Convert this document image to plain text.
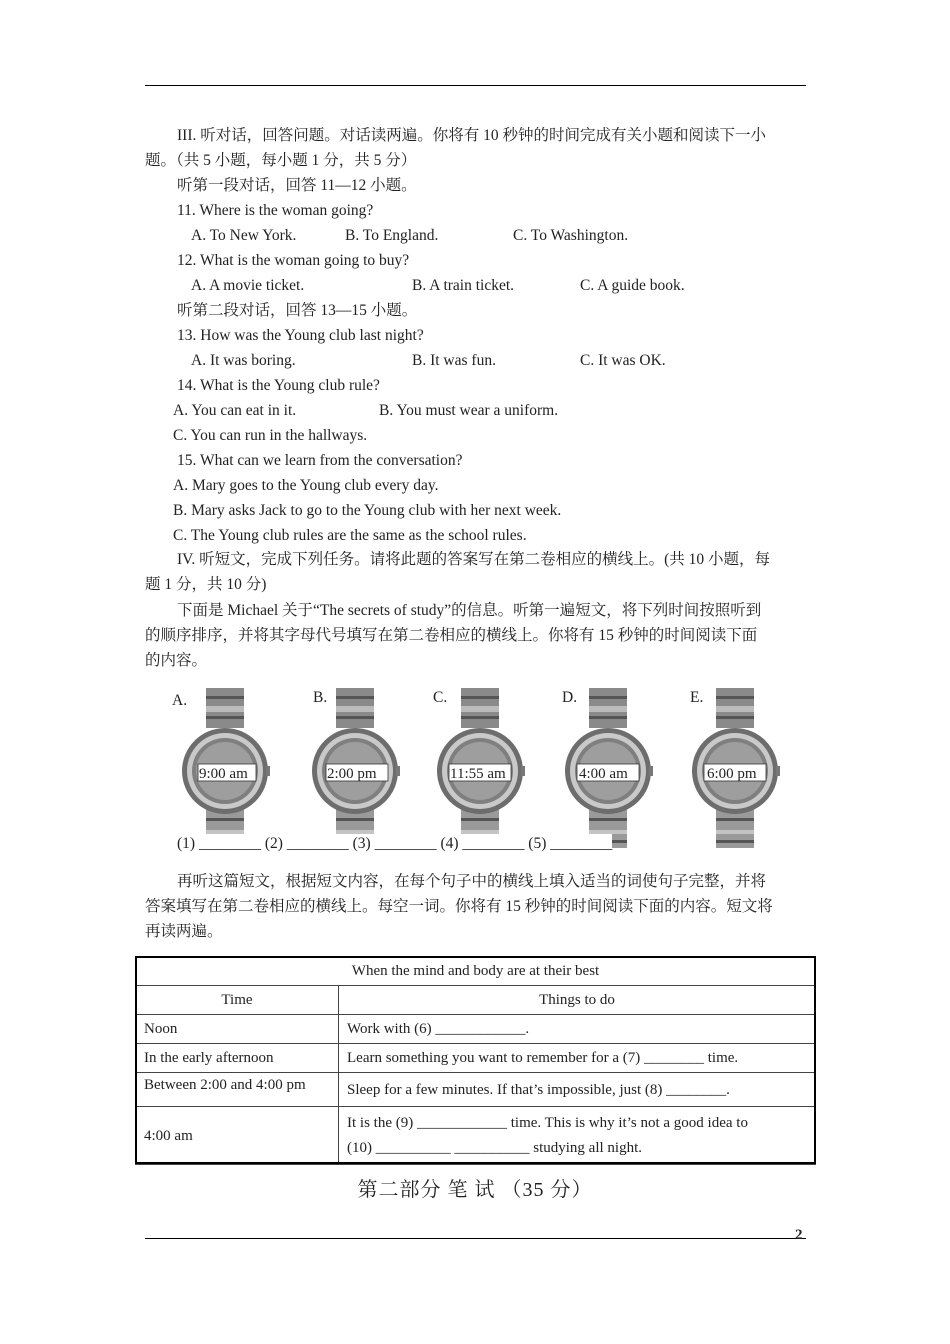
III. 听对话，回答问题。对话读两遍。你将有 10 秒钟的时间完成有关小题和阅读下一小
题。（共 5 小题，每小题 1 分，共 5 分）
听第一段对话，回答 11—12 小题。
11. Where is the woman going?
A. To New York.	B. To England.	C. To Washington.
12. What is the woman going to buy?
A. A movie ticket.	B. A train ticket.	C. A guide book.
听第二段对话，回答 13—15 小题。
13. How was the Young club last night?
A. It was boring.	B. It was fun.	C. It was OK.
14. What is the Young club rule?
A. You can eat in it.	B. You must wear a uniform.
C. You can run in the hallways.
15. What can we learn from the conversation?
A. Mary goes to the Young club every day.
B. Mary asks Jack to go to the Young club with her next week.
C. The Young club rules are the same as the school rules.
IV. 听短文，完成下列任务。请将此题的答案写在第二卷相应的横线上。(共 10 小题，每
题 1 分，共 10 分)
下面是 Michael 关于“The secrets of study”的信息。听第一遍短文，将下列时间按照听到
的顺序排序，并将其字母代号填写在第二卷相应的横线上。你将有 15 秒钟的时间阅读下面
的内容。
A.	B.	C.	D.	E.
9:00 am	2:00 pm	11:55 am	4:00 am	6:00 pm
(1) ________ (2) ________ (3) ________ (4) ________ (5) ________
再听这篇短文，根据短文内容，在每个句子中的横线上填入适当的词使句子完整，并将
答案填写在第二卷相应的横线上。每空一词。你将有 15 秒钟的时间阅读下面的内容。短文将
再读两遍。
When the mind and body are at their best	
Time	Things to do
Noon	Work with (6) ____________.
In the early afternoon	Learn something you want to remember for a (7) ________ time.
Between 2:00 and 4:00 pm	Sleep for a few minutes. If that’s impossible, just (8) ________.
4:00 am	It is the (9) ____________ time. This is why it’s not a good idea to
(10) __________ __________ studying all night.
第二部分 笔 试 （35 分）
2
